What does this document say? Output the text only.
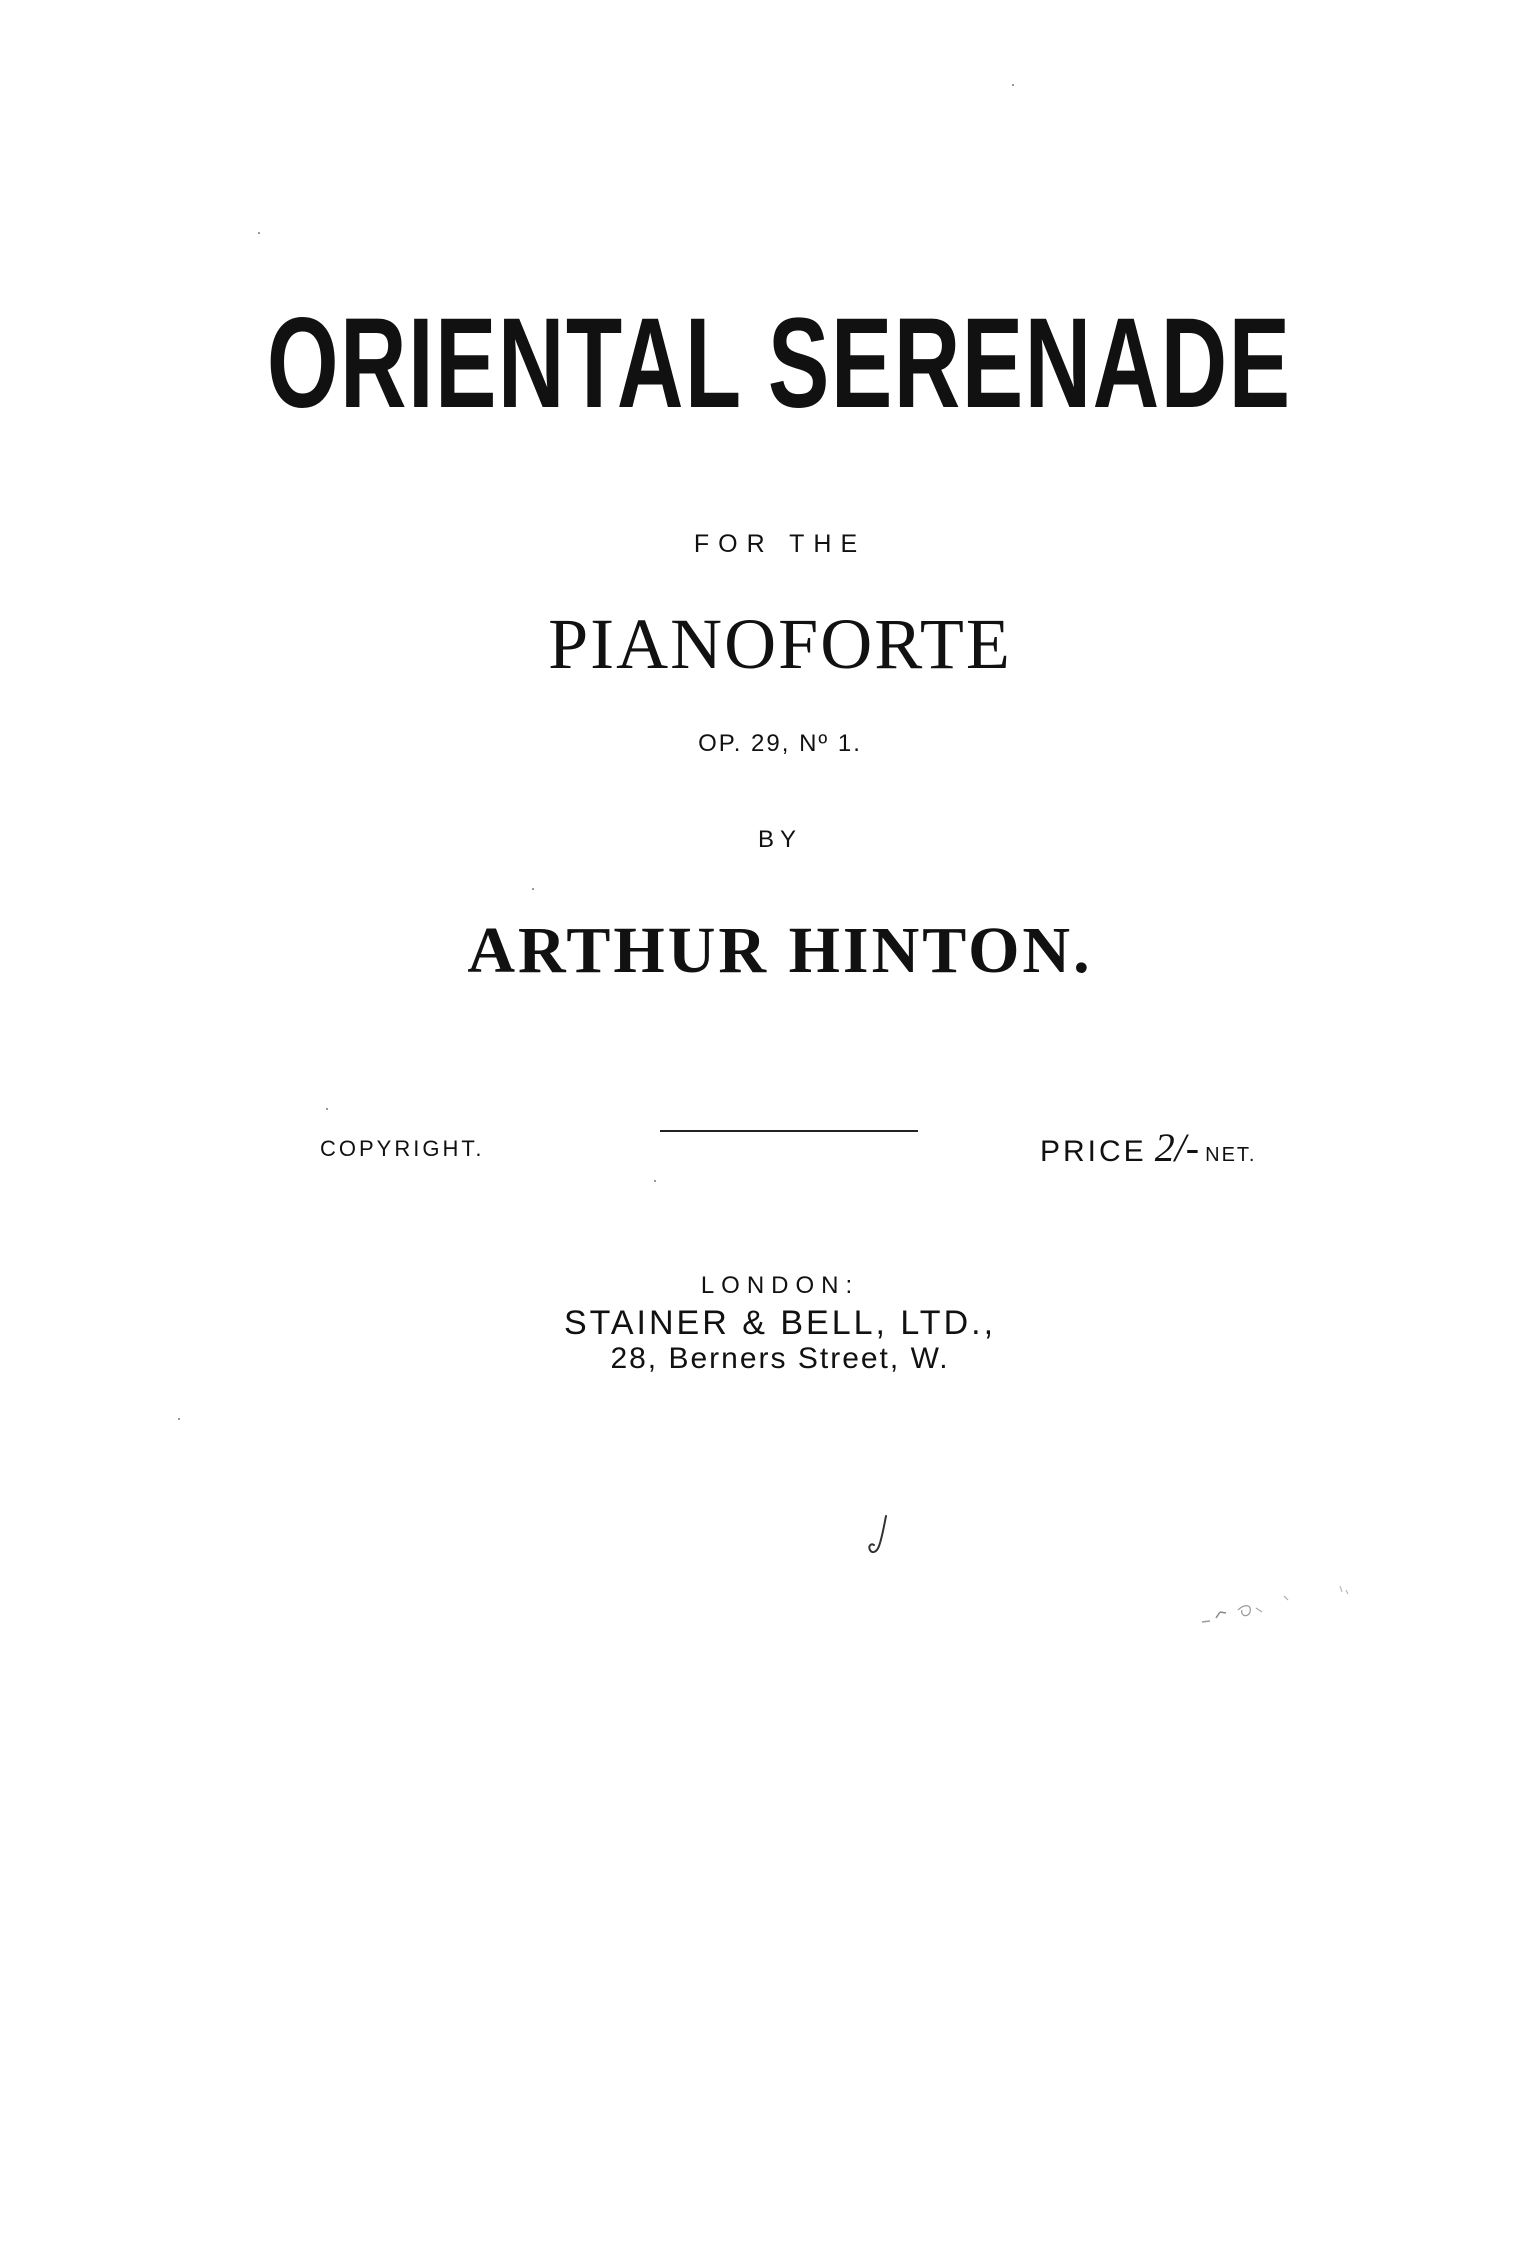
ORIENTAL SERENADE
FOR THE
PIANOFORTE
OP. 29, Nº 1.
BY
ARTHUR HINTON.
COPYRIGHT.	PRICE 2/- NET.
LONDON:
STAINER & BELL, LTD.,
28, Berners Street, W.
